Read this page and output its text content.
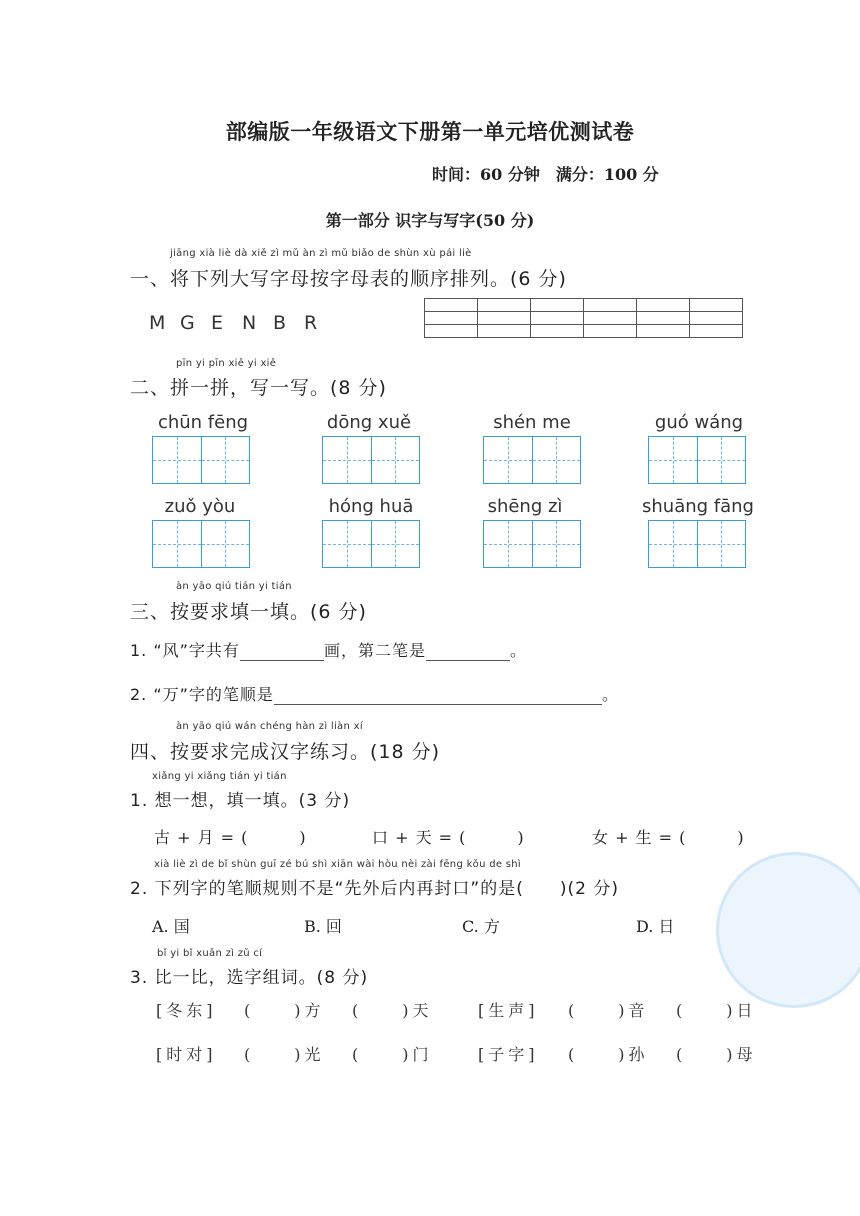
部编版一年级语文下册第一单元培优测试卷
时间：60 分钟　满分：100 分
第一部分 识字与写字(50 分)
jiāng xià liè dà xiě zì mǔ àn zì mǔ biǎo de shùn xù pái liè
一、将下列大写字母按字母表的顺序排列。(6 分)
M G E N B R

pīn yi pīn xiě yi xiě
二、拼一拼，写一写。(8 分)
chūn fēng	dōng xuě	shén me	guó wáng
zuǒ yòu	hóng huā	shēng zì	shuāng fāng
àn yāo qiú tián yi tián
三、按要求填一填。(6 分)
1. “风”字共有	画，第二笔是	。
2. “万”字的笔顺是	。
àn yāo qiú wán chéng hàn zì liàn xí
四、按要求完成汉字练习。(18 分)
xiǎng yi xiǎng tián yi tián
1. 想一想，填一填。(3 分)
古 + 月 = (　　　)	口 + 天 = (　　　)	女 + 生 = (　　　)
xià liè zì de bǐ shùn guī zé bú shì xiān wài hòu nèi zài fēng kǒu de shì
2. 下列字的笔顺规则不是“先外后内再封口”的是(　　)(2 分)
A. 国	B. 回	C. 方	D. 日
bǐ yi bǐ xuǎn zì zǔ cí
3. 比一比，选字组词。(8 分)
[冬东] (　　)方 (　　)天	[生声] (　　)音 (　　)日
[时对] (　　)光 (　　)门	[子字] (　　)孙 (　　)母
